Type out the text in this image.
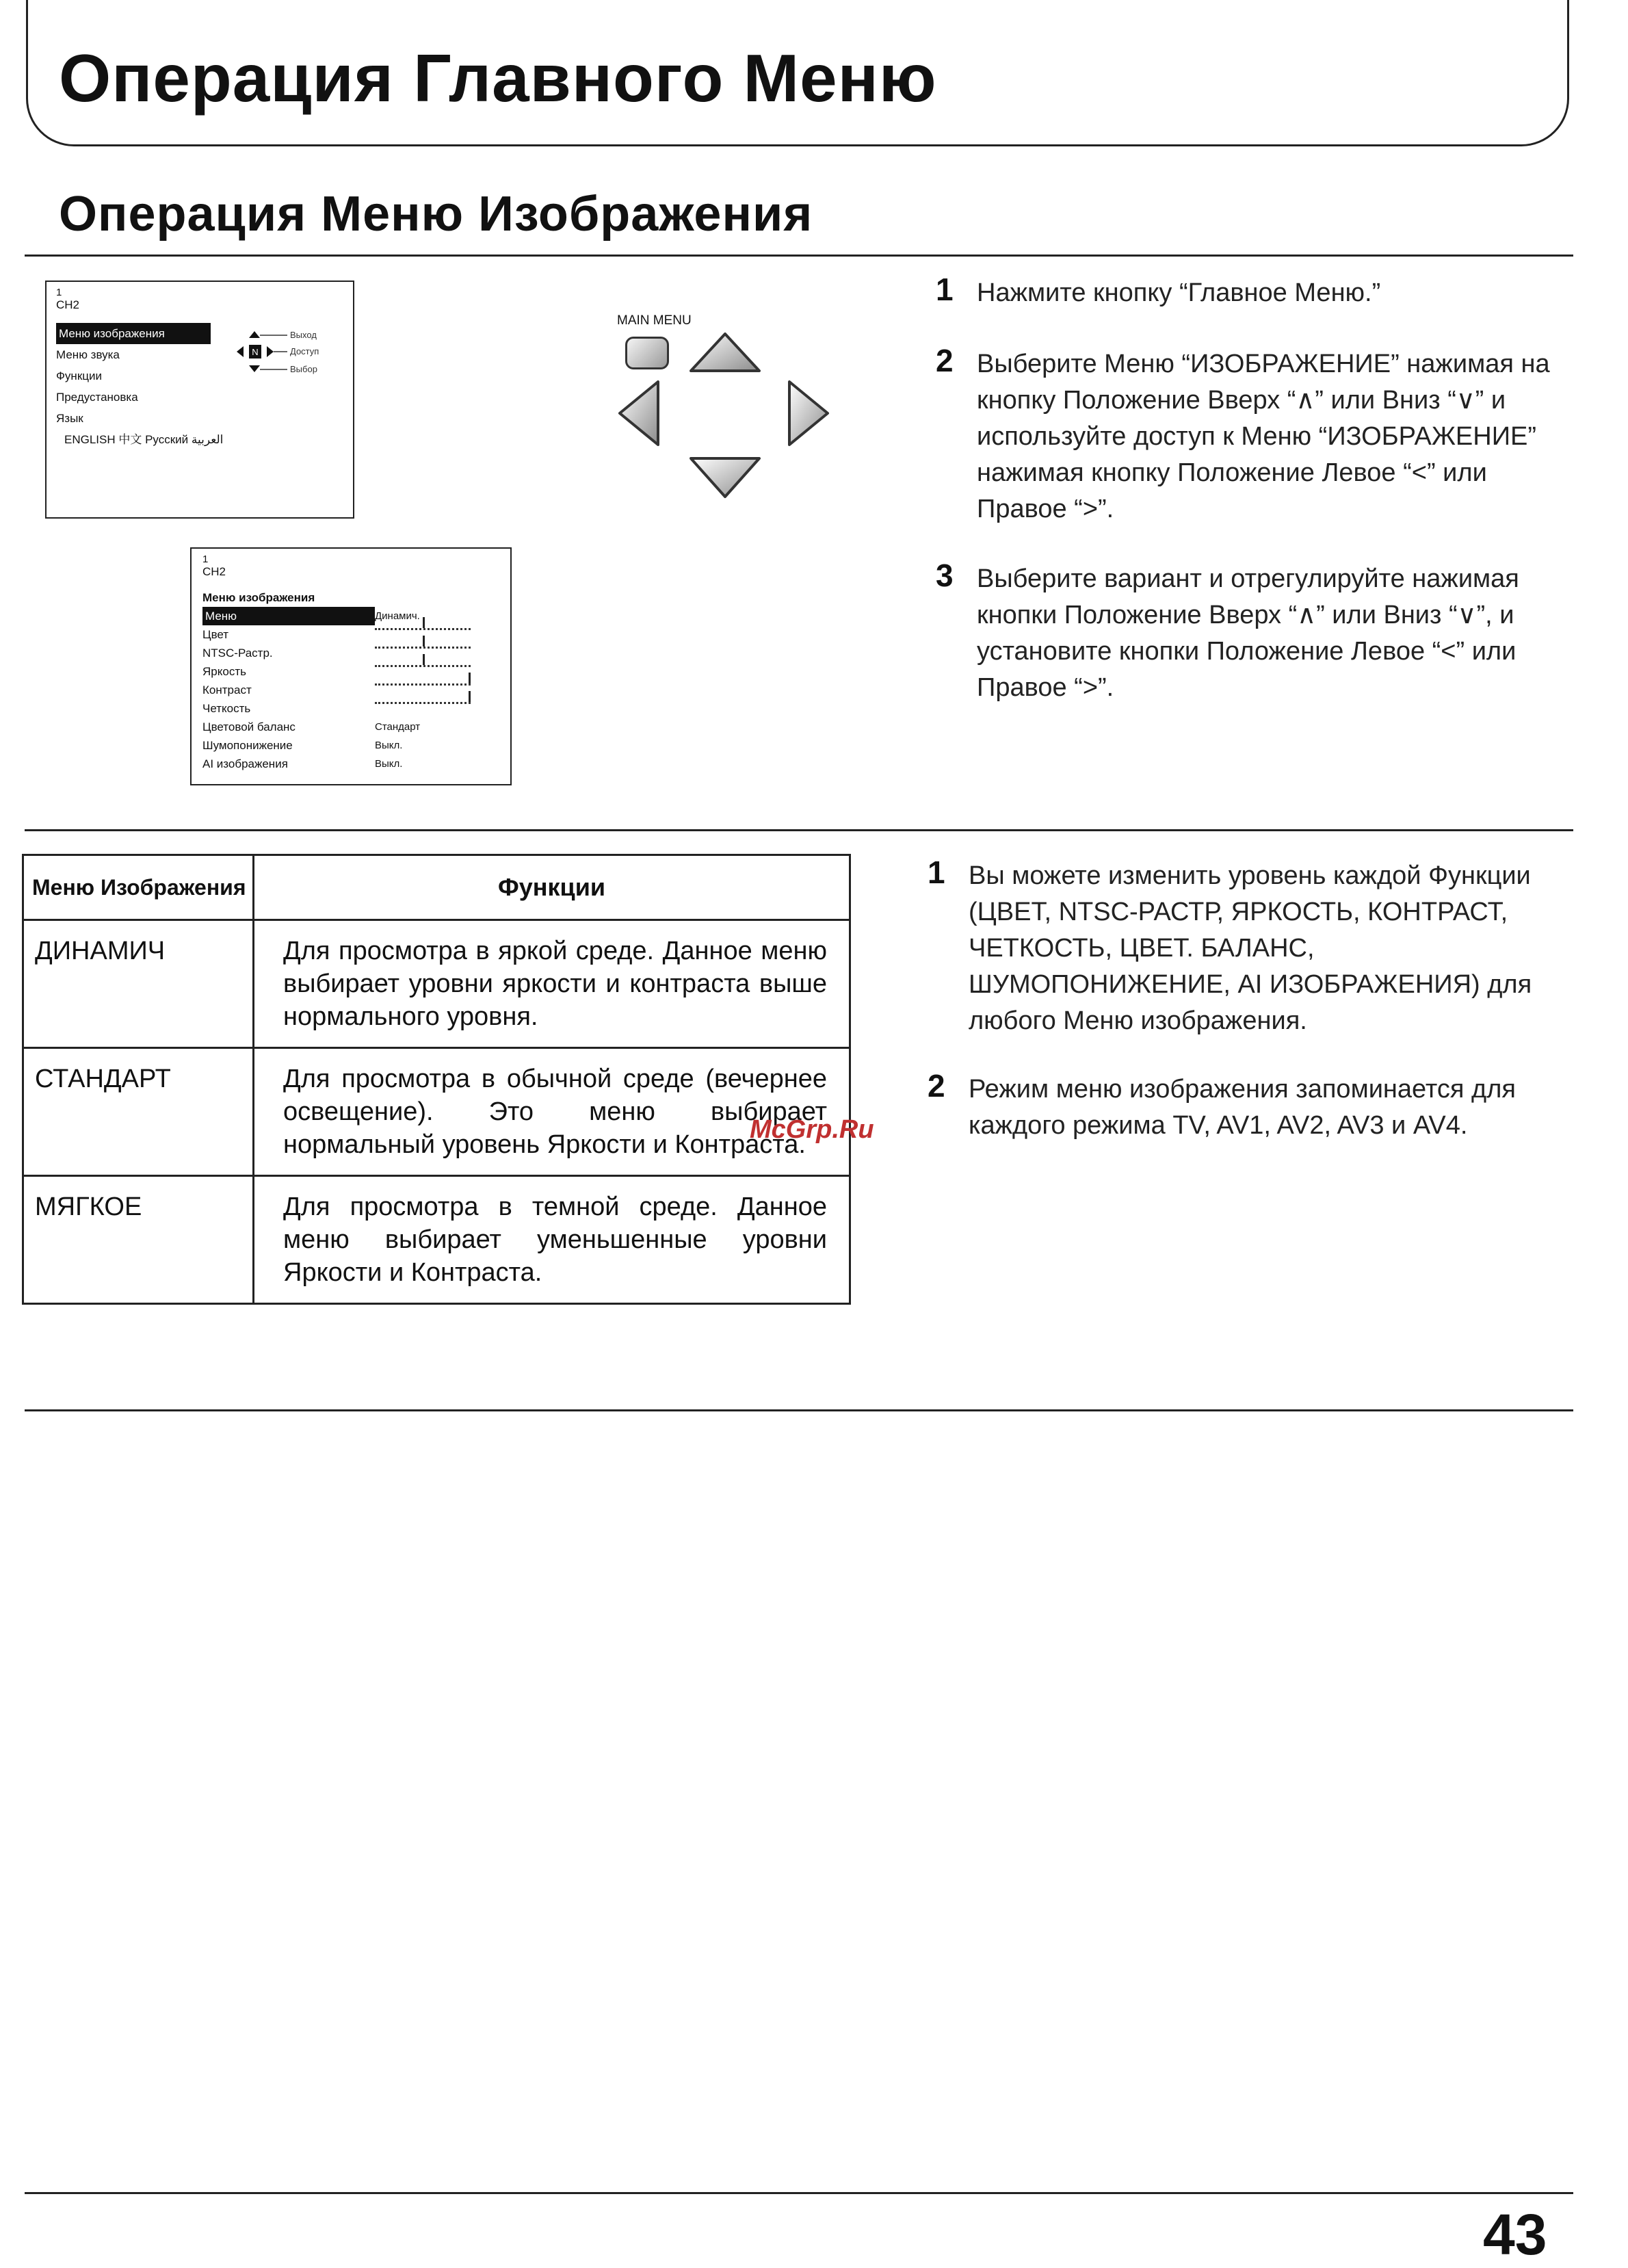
Операция Главного Меню
Операция Меню Изображения
1
CH2
Меню изображения
Меню звука
Функции
Предустановка
Язык
ENGLISH 中文 Русский العربية
N
Выход
Доступ
Выбор
MAIN MENU
1
CH2
Меню изображения
Меню	Динамич.
Цвет
NTSC-Растр.
Яркость
Контраст
Четкость
Цветовой баланс	Стандарт
Шумопонижение	Выкл.
AI изображения	Выкл.
1 Нажмите кнопку “Главное Меню.”
2 Выберите Меню “ИЗОБРАЖЕНИЕ” нажимая на кнопку Положение Вверх “∧” или Вниз “∨” и используйте доступ к Меню “ИЗОБРАЖЕНИЕ” нажимая кнопку Положение Левое “<” или Правое “>”.
3 Выберите вариант и отрегулируйте нажимая кнопки Положение Вверх “∧” или Вниз “∨”, и установите кнопки Положение Левое “<” или Правое “>”.
Меню Изображения	Функции
ДИНАМИЧ	Для просмотра в яркой среде. Данное меню выбирает уровни яркости и контраста выше нормального уровня.
СТАНДАРТ	Для просмотра в обычной среде (вечернее освещение). Это меню выбирает нормальный уровень Яркости и Контраста.
МЯГКОЕ	Для просмотра в темной среде. Данное меню выбирает уменьшенные уровни Яркости и Контраста.
1 Вы можете изменить уровень каждой Функции (ЦВЕТ, NTSC-РАСТР, ЯРКОСТЬ, КОНТРАСТ, ЧЕТКОСТЬ, ЦВЕТ. БАЛАНС, ШУМОПОНИЖЕНИЕ, AI ИЗОБРАЖЕНИЯ) для любого Меню изображения.
2 Режим меню изображения запоминается для каждого режима TV, AV1, AV2, AV3 и AV4.
McGrp.Ru
43
